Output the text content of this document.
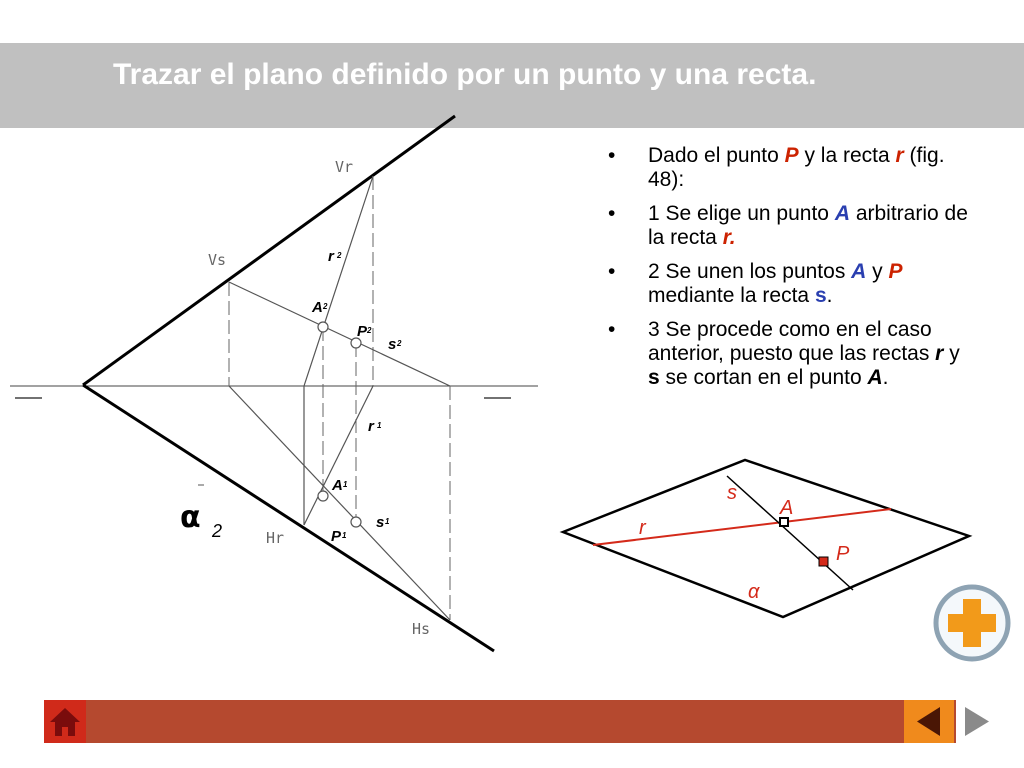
Trazar el plano definido por un punto y una recta.
Vr
Vs
Hr
Hs
r 2
A 2
P 2
s 2
r 1
A 1
s 1
P 1
α 2
• Dado el punto P y la recta r (fig. 48):
• 1 Se elige un punto A arbitrario de la recta r.
• 2 Se unen los puntos A y P mediante la recta s.
• 3 Se procede como en el caso anterior, puesto que las rectas r y s se cortan en el punto A.
s
A
r
P
α
